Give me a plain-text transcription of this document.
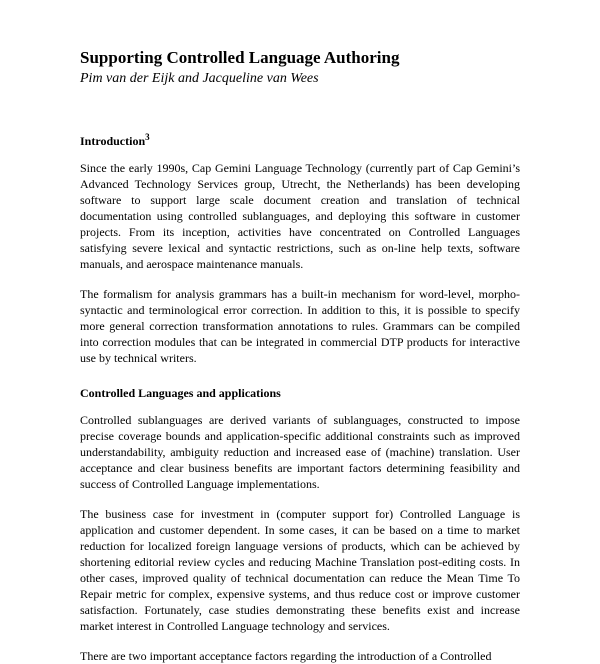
Supporting Controlled Language Authoring
Pim van der Eijk and Jacqueline van Wees
Introduction$^3$

Since the early 1990s, Cap Gemini Language Technology (currently part of Cap Gemini’s Advanced Technology Services group, Utrecht, the Netherlands) has been developing software to support large scale document creation and translation of technical documentation using controlled sublanguages, and deploying this software in customer projects. From its inception, activities have concentrated on Controlled Languages satisfying severe lexical and syntactic restrictions, such as on-line help texts, software manuals, and aerospace maintenance manuals.

The formalism for analysis grammars has a built-in mechanism for word-level, morpho-syntactic and terminological error correction. In addition to this, it is possible to specify more general correction transformation annotations to rules. Grammars can be compiled into correction modules that can be integrated in commercial DTP products for interactive use by technical writers.

Controlled Languages and applications

Controlled sublanguages are derived variants of sublanguages, constructed to impose precise coverage bounds and application-specific additional constraints such as improved understandability, ambiguity reduction and increased ease of (machine) translation. User acceptance and clear business benefits are important factors determining feasibility and success of Controlled Language implementations.

The business case for investment in (computer support for) Controlled Language is application and customer dependent. In some cases, it can be based on a time to market reduction for localized foreign language versions of products, which can be achieved by shortening editorial review cycles and reducing Machine Translation post-editing costs. In other cases, improved quality of technical documentation can reduce the Mean Time To Repair metric for complex, expensive systems, and thus reduce cost or improve customer satisfaction. Fortunately, case studies demonstrating these benefits exist and increase market interest in Controlled Language technology and services.

There are two important acceptance factors regarding the introduction of a Controlled
